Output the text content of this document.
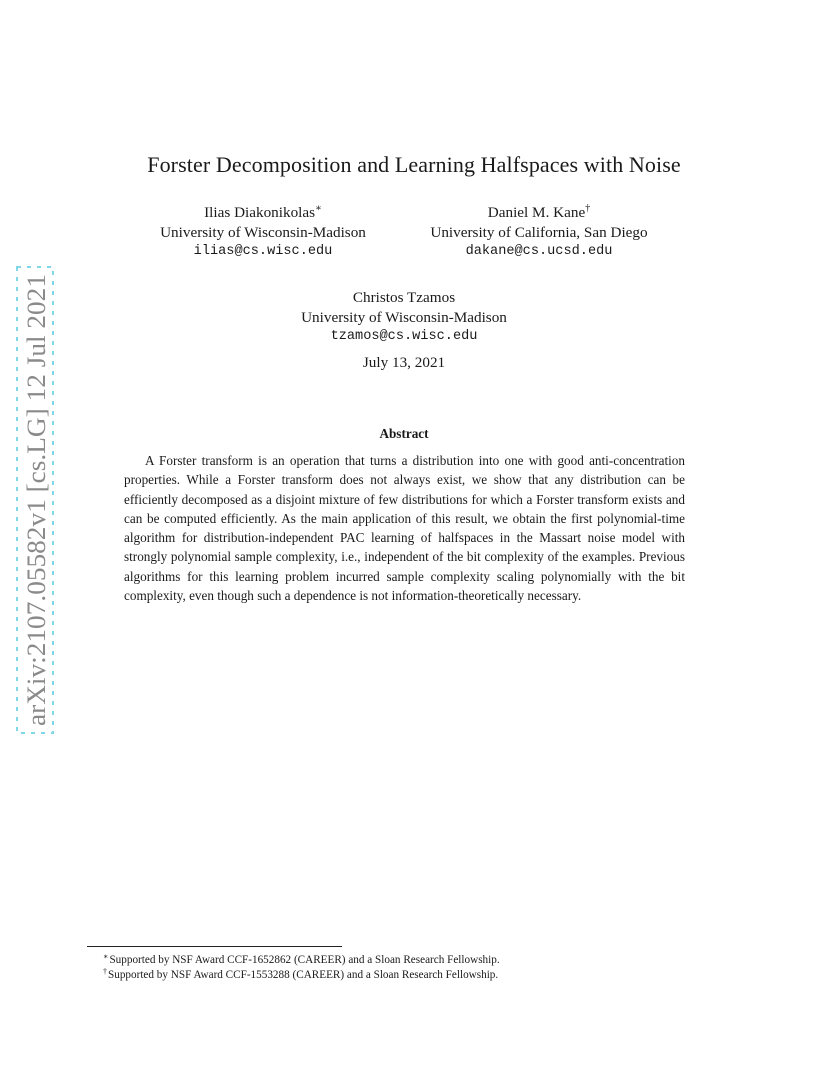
arXiv:2107.05582v1 [cs.LG] 12 Jul 2021
Forster Decomposition and Learning Halfspaces with Noise
Ilias Diakonikolas∗
University of Wisconsin-Madison
ilias@cs.wisc.edu
Daniel M. Kane†
University of California, San Diego
dakane@cs.ucsd.edu
Christos Tzamos
University of Wisconsin-Madison
tzamos@cs.wisc.edu
July 13, 2021
Abstract
A Forster transform is an operation that turns a distribution into one with good anti-concentration properties. While a Forster transform does not always exist, we show that any distribution can be efficiently decomposed as a disjoint mixture of few distributions for which a Forster transform exists and can be computed efficiently. As the main application of this result, we obtain the first polynomial-time algorithm for distribution-independent PAC learning of halfspaces in the Massart noise model with strongly polynomial sample complexity, i.e., independent of the bit complexity of the examples. Previous algorithms for this learning problem incurred sample complexity scaling polynomially with the bit complexity, even though such a dependence is not information-theoretically necessary.
∗Supported by NSF Award CCF-1652862 (CAREER) and a Sloan Research Fellowship.
†Supported by NSF Award CCF-1553288 (CAREER) and a Sloan Research Fellowship.
